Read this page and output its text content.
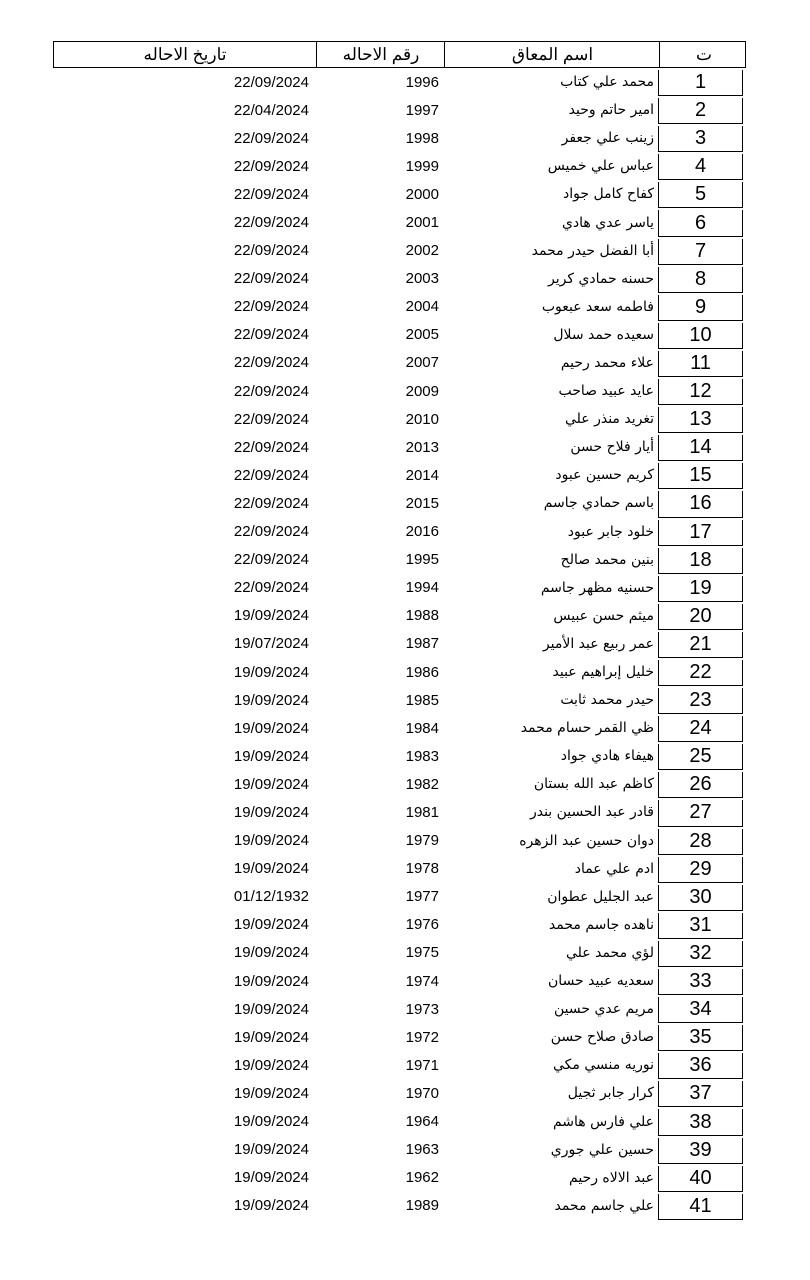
تاريخ الاحاله	رقم الاحاله	اسم المعاق	ت
22/09/2024	1996	محمد علي كتاب	1
22/04/2024	1997	امير حاتم وحيد	2
22/09/2024	1998	زينب علي جعفر	3
22/09/2024	1999	عباس علي خميس	4
22/09/2024	2000	كفاح كامل جواد	5
22/09/2024	2001	ياسر عدي هادي	6
22/09/2024	2002	أبا الفضل حيدر محمد	7
22/09/2024	2003	حسنه حمادي كرير	8
22/09/2024	2004	فاطمه سعد عبعوب	9
22/09/2024	2005	سعيده حمد سلال	10
22/09/2024	2007	علاء محمد رحيم	11
22/09/2024	2009	عايد عبيد صاحب	12
22/09/2024	2010	تغريد منذر علي	13
22/09/2024	2013	أيار فلاح حسن	14
22/09/2024	2014	كريم حسين عبود	15
22/09/2024	2015	باسم حمادي جاسم	16
22/09/2024	2016	خلود جابر عبود	17
22/09/2024	1995	بنين محمد صالح	18
22/09/2024	1994	حسنيه مظهر جاسم	19
19/09/2024	1988	ميثم حسن عبيس	20
19/07/2024	1987	عمر ربيع عبد الأمير	21
19/09/2024	1986	خليل إبراهيم عبيد	22
19/09/2024	1985	حيدر محمد ثابت	23
19/09/2024	1984	ظي القمر حسام محمد	24
19/09/2024	1983	هيفاء هادي جواد	25
19/09/2024	1982	كاظم عبد الله بستان	26
19/09/2024	1981	قادر عبد الحسين بندر	27
19/09/2024	1979	دوان حسين عبد الزهره	28
19/09/2024	1978	ادم علي عماد	29
01/12/1932	1977	عبد الجليل عطوان	30
19/09/2024	1976	ناهده جاسم محمد	31
19/09/2024	1975	لؤي محمد علي	32
19/09/2024	1974	سعديه عبيد حسان	33
19/09/2024	1973	مريم عدي حسين	34
19/09/2024	1972	صادق صلاح حسن	35
19/09/2024	1971	نوريه منسي مكي	36
19/09/2024	1970	كرار جابر ثجيل	37
19/09/2024	1964	علي فارس هاشم	38
19/09/2024	1963	حسين علي جوري	39
19/09/2024	1962	عبد الالاه رحيم	40
19/09/2024	1989	علي جاسم محمد	41
